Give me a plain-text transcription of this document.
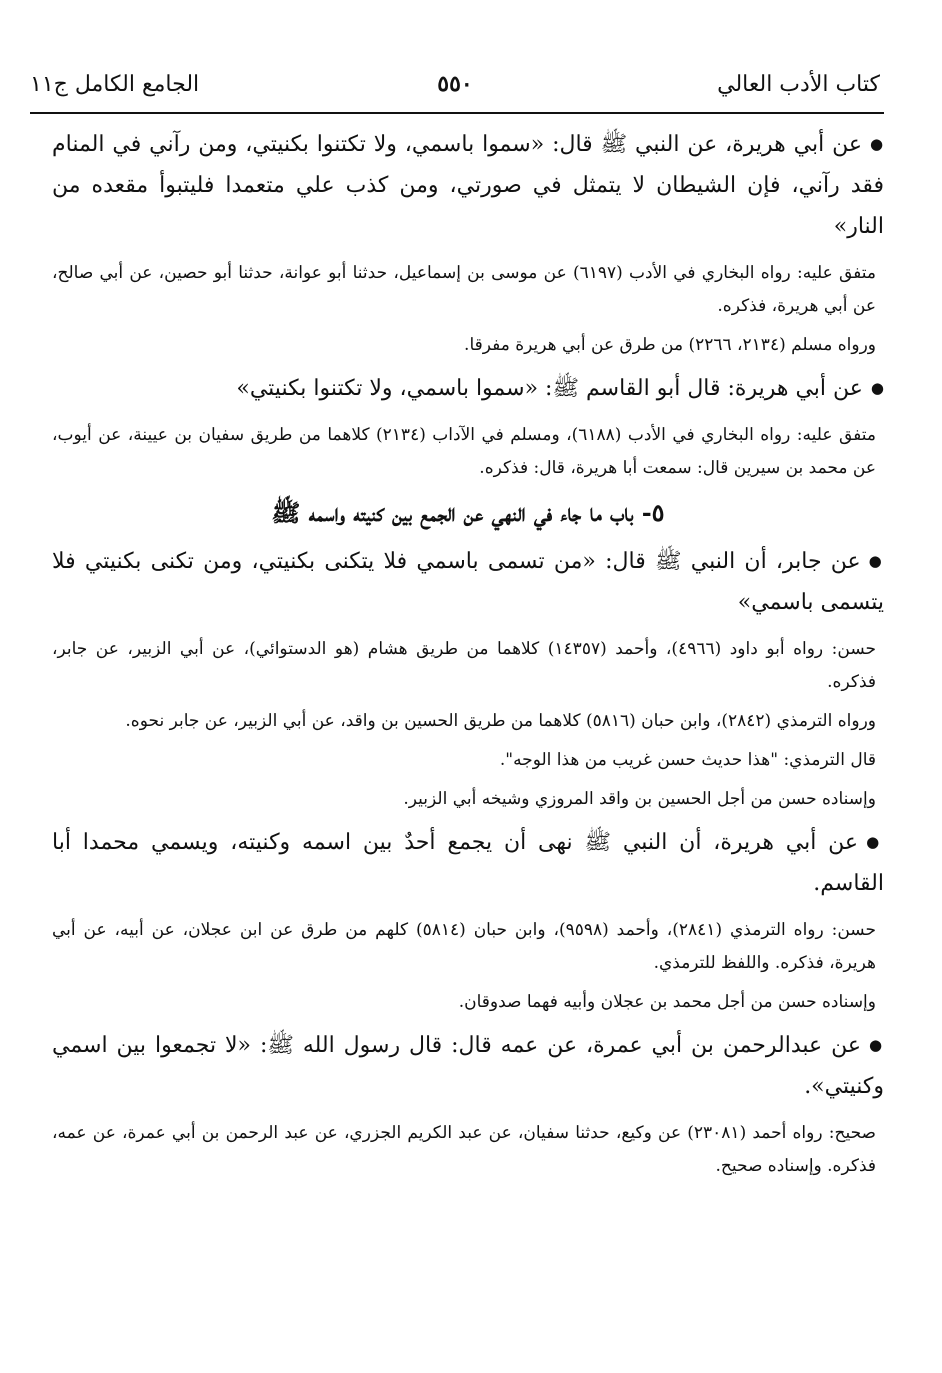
كتاب الأدب العالي
٥٥٠
الجامع الكامل ج١١

●عن أبي هريرة، عن النبي ﷺ قال: «سموا باسمي، ولا تكتنوا بكنيتي، ومن رآني في المنام فقد رآني، فإن الشيطان لا يتمثل في صورتي، ومن كذب علي متعمدا فليتبوأ مقعده من النار»

متفق عليه: رواه البخاري في الأدب (٦١٩٧) عن موسى بن إسماعيل، حدثنا أبو عوانة، حدثنا أبو حصين، عن أبي صالح، عن أبي هريرة، فذكره.

ورواه مسلم (٢١٣٤، ٢٢٦٦) من طرق عن أبي هريرة مفرقا.

●عن أبي هريرة: قال أبو القاسم ﷺ: «سموا باسمي، ولا تكتنوا بكنيتي»

متفق عليه: رواه البخاري في الأدب (٦١٨٨)، ومسلم في الآداب (٢١٣٤) كلاهما من طريق سفيان بن عيينة، عن أيوب، عن محمد بن سيرين قال: سمعت أبا هريرة، قال: فذكره.

٥- باب ما جاء في النهي عن الجمع بين كنيته واسمه ﷺ

●عن جابر، أن النبي ﷺ قال: «من تسمى باسمي فلا يتكنى بكنيتي، ومن تكنى بكنيتي فلا يتسمى باسمي»

حسن: رواه أبو داود (٤٩٦٦)، وأحمد (١٤٣٥٧) كلاهما من طريق هشام (هو الدستوائي)، عن أبي الزبير، عن جابر، فذكره.

ورواه الترمذي (٢٨٤٢)، وابن حبان (٥٨١٦) كلاهما من طريق الحسين بن واقد، عن أبي الزبير، عن جابر نحوه.

قال الترمذي: "هذا حديث حسن غريب من هذا الوجه".

وإسناده حسن من أجل الحسين بن واقد المروزي وشيخه أبي الزبير.

●عن أبي هريرة، أن النبي ﷺ نهى أن يجمع أحدٌ بين اسمه وكنيته، ويسمي محمدا أبا القاسم.

حسن: رواه الترمذي (٢٨٤١)، وأحمد (٩٥٩٨)، وابن حبان (٥٨١٤) كلهم من طرق عن ابن عجلان، عن أبيه، عن أبي هريرة، فذكره. واللفظ للترمذي.

وإسناده حسن من أجل محمد بن عجلان وأبيه فهما صدوقان.

●عن عبدالرحمن بن أبي عمرة، عن عمه قال: قال رسول الله ﷺ: «لا تجمعوا بين اسمي وكنيتي».

صحيح: رواه أحمد (٢٣٠٨١) عن وكيع، حدثنا سفيان، عن عبد الكريم الجزري، عن عبد الرحمن بن أبي عمرة، عن عمه، فذكره. وإسناده صحيح.
